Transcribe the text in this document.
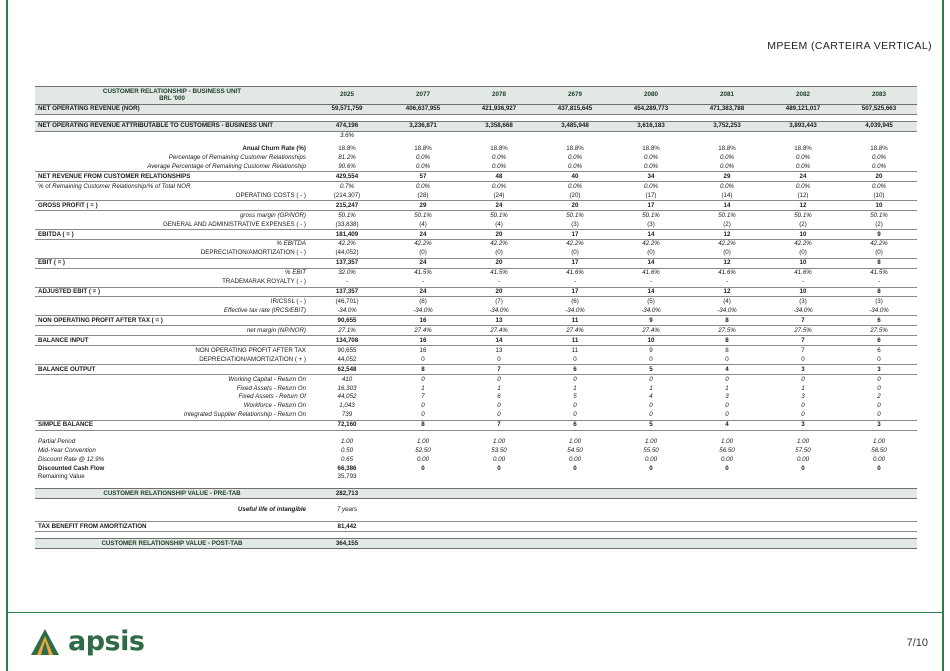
MPEEM (CARTEIRA VERTICAL)
CUSTOMER RELATIONSHIP - BUSINESS UNIT
BRL '000	2025	2077	2078	2679	2080	2081	2082	2083
NET OPERATING REVENUE (NOR)	59,571,759	406,637,955	421,936,927	437,815,645	454,289,773	471,383,788	489,121,017	507,525,663

NET OPERATING REVENUE ATTRIBUTABLE TO CUSTOMERS - BUSINESS UNIT	474,196	3,236,871	3,358,668	3,485,948	3,616,183	3,752,253	3,893,443	4,039,945
	3.6%							

Anual Churn Rate (%)	18.8%	18.8%	18.8%	18.8%	18.8%	18.8%	18.8%	18.8%
Percentage of Remaining Customer Relationships	81.2%	0.0%	0.0%	0.0%	0.0%	0.0%	0.0%	0.0%
Average Percentage of Remaining Customer Relationship	90.6%	0.0%	0.0%	0.0%	0.0%	0.0%	0.0%	0.0%
NET REVENUE FROM CUSTOMER RELATIONSHIPS	429,554	57	48	40	34	29	24	20
% of Remaining Customer Relationship/% of Total NOR	0.7%	0.0%	0.0%	0.0%	0.0%	0.0%	0.0%	0.0%
OPERATING COSTS ( - )	(214,307)	(28)	(24)	(20)	(17)	(14)	(12)	(10)
GROSS PROFIT ( = )	215,247	29	24	20	17	14	12	10
gross margin (GP/NOR)	50.1%	50.1%	50.1%	50.1%	50.1%	50.1%	50.1%	50.1%
GENERAL AND ADMINISTRATIVE EXPENSES ( - )	(33,838)	(4)	(4)	(3)	(3)	(2)	(2)	(2)
EBITDA ( = )	181,409	24	20	17	14	12	10	9
% EBITDA	42.2%	42.2%	42.2%	42.2%	42.2%	42.2%	42.2%	42.2%
DEPRECIATION/AMORTIZATION ( - )	(44,052)	(0)	(0)	(0)	(0)	(0)	(0)	(0)
EBIT ( = )	137,357	24	20	17	14	12	10	8
% EBIT	32.0%	41.5%	41.5%	41.6%	41.6%	41.6%	41.6%	41.5%
TRADEMARAK ROYALTY ( - )	-	-	-	-	-	-	-	-
ADJUSTED EBIT ( = )	137,357	24	20	17	14	12	10	8
IR/CSSL ( - )	(46,701)	(8)	(7)	(6)	(5)	(4)	(3)	(3)
Effective tax rate (IRCS/EBIT)	-34.0%	-34.0%	-34.0%	-34.0%	-34.0%	-34.0%	-34.0%	-34.0%
NON OPERATING PROFIT AFTER TAX ( = )	90,655	16	13	11	9	8	7	6
net margin (NP/NOR)	27.1%	27.4%	27.4%	27.4%	27.4%	27.5%	27.5%	27.5%
BALANCE INPUT	134,708	16	14	11	10	8	7	6
NON OPERATING PROFIT AFTER TAX	90,655	16	13	11	9	8	7	6
DEPRECIATION/AMORTIZATION ( + )	44,052	0	0	0	0	0	0	0
BALANCE OUTPUT	62,548	8	7	6	5	4	3	3
Working Capital - Return On	410	0	0	0	0	0	0	0
Fixed Assets - Return On	16,303	1	1	1	1	1	1	0
Fixed Assets - Return Of	44,052	7	6	5	4	3	3	2
Workforce - Return On	1,043	0	0	0	0	0	0	0
Integrated Supplier Relationship - Return On	739	0	0	0	0	0	0	0
SIMPLE BALANCE	72,160	8	7	6	5	4	3	3

Partial Period	1.00	1.00	1.00	1.00	1.00	1.00	1.00	1.00
Mid-Year Convention	0.50	52.50	53.50	54.50	55.50	56.50	57.50	58.50
Discount Rate @ 12.9%	0.65	0.00	0.00	0.00	0.00	0.00	0.00	0.00
Discounted Cash Flow	66,386	0	0	0	0	0	0	0
Remaining Value	35,793							

CUSTOMER RELATIONSHIP VALUE - PRE-TAB	282,713							

Useful life of intangible	7 years							

TAX BENEFIT FROM AMORTIZATION	81,442							

CUSTOMER RELATIONSHIP VALUE - POST-TAB	364,155							
apsis	7/10
